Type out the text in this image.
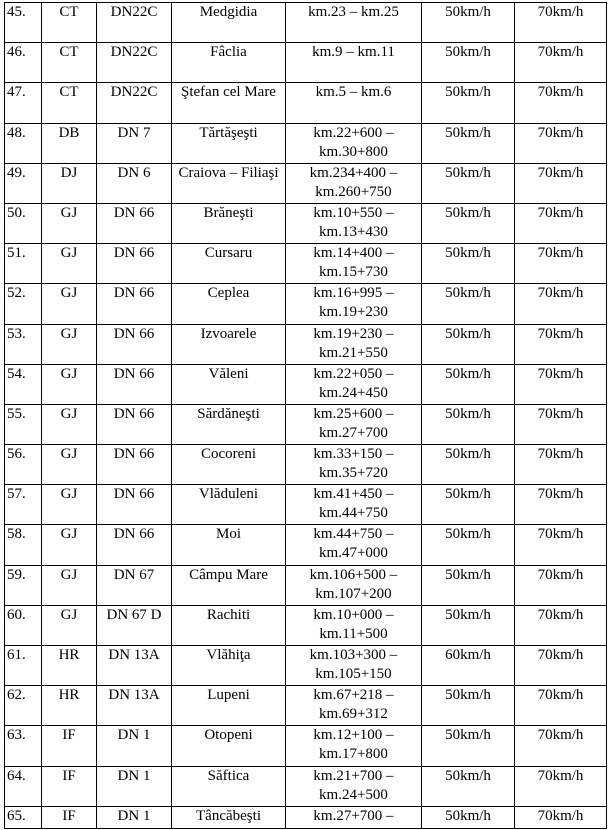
45.	CT	DN22C	Medgidia	km.23 – km.25	50km/h	70km/h
46.	CT	DN22C	Fâclia	km.9 – km.11	50km/h	70km/h
47.	CT	DN22C	Ştefan cel Mare	km.5 – km.6	50km/h	70km/h
48.	DB	DN 7	Tărtăşeşti	km.22+600 – km.30+800	50km/h	70km/h
49.	DJ	DN 6	Craiova – Filiaşi	km.234+400 – km.260+750	50km/h	70km/h
50.	GJ	DN 66	Brăneşti	km.10+550 – km.13+430	50km/h	70km/h
51.	GJ	DN 66	Cursaru	km.14+400 – km.15+730	50km/h	70km/h
52.	GJ	DN 66	Ceplea	km.16+995 – km.19+230	50km/h	70km/h
53.	GJ	DN 66	Izvoarele	km.19+230 – km.21+550	50km/h	70km/h
54.	GJ	DN 66	Văleni	km.22+050 – km.24+450	50km/h	70km/h
55.	GJ	DN 66	Sărdăneşti	km.25+600 – km.27+700	50km/h	70km/h
56.	GJ	DN 66	Cocoreni	km.33+150 – km.35+720	50km/h	70km/h
57.	GJ	DN 66	Vlăduleni	km.41+450 – km.44+750	50km/h	70km/h
58.	GJ	DN 66	Moi	km.44+750 – km.47+000	50km/h	70km/h
59.	GJ	DN 67	Câmpu Mare	km.106+500 – km.107+200	50km/h	70km/h
60.	GJ	DN 67 D	Rachiti	km.10+000 – km.11+500	50km/h	70km/h
61.	HR	DN 13A	Vlăhiţa	km.103+300 – km.105+150	60km/h	70km/h
62.	HR	DN 13A	Lupeni	km.67+218 – km.69+312	50km/h	70km/h
63.	IF	DN 1	Otopeni	km.12+100 – km.17+800	50km/h	70km/h
64.	IF	DN 1	Săftica	km.21+700 – km.24+500	50km/h	70km/h
65.	IF	DN 1	Tâncăbeşti	km.27+700 –	50km/h	70km/h
